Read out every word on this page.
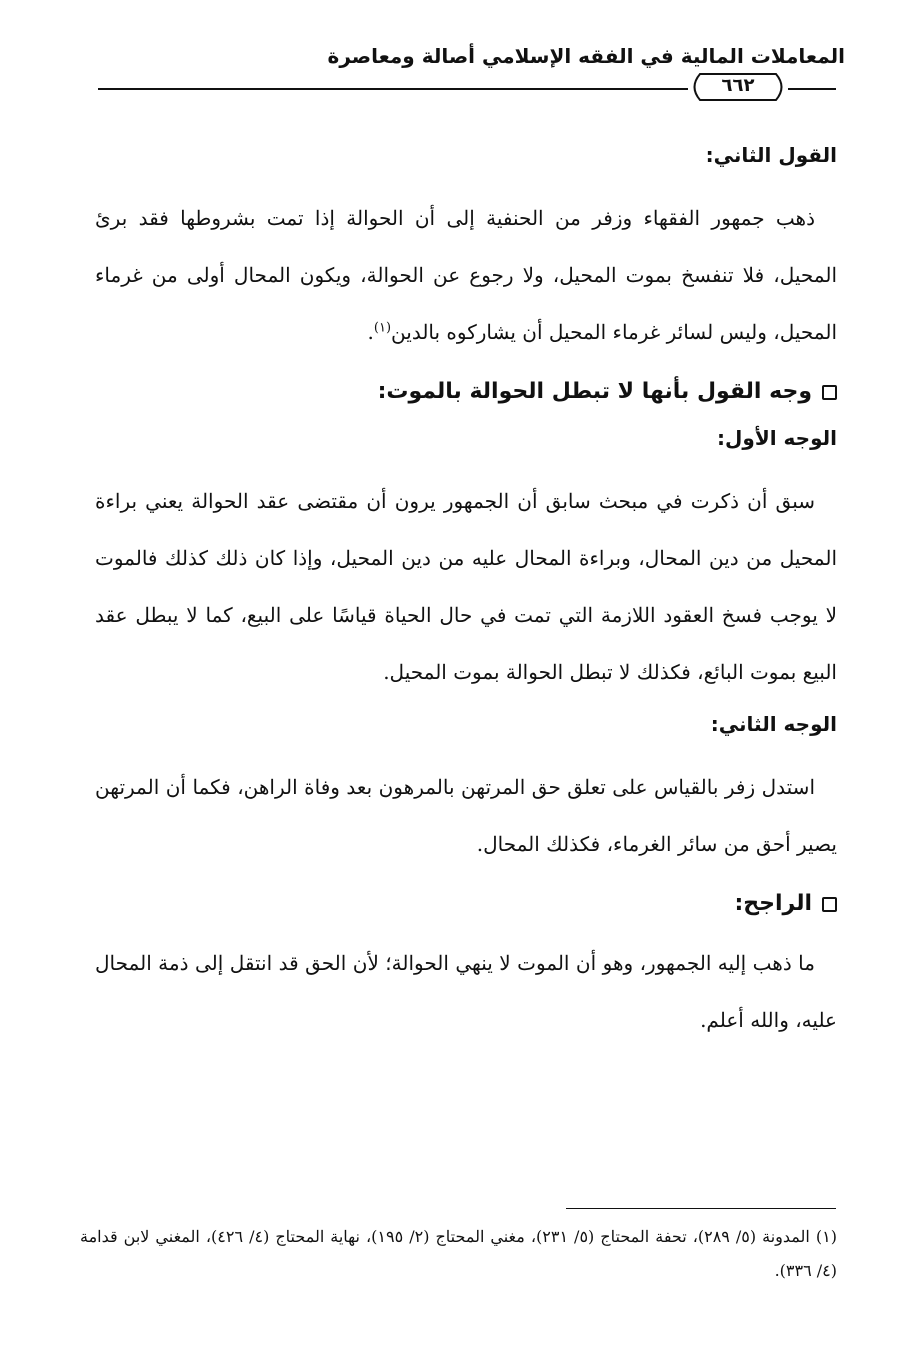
المعاملات المالية في الفقه الإسلامي أصالة ومعاصرة
٦٦٢
القول الثاني:

ذهب جمهور الفقهاء وزفر من الحنفية إلى أن الحوالة إذا تمت بشروطها فقد برئ المحيل، فلا تنفسخ بموت المحيل، ولا رجوع عن الحوالة، ويكون المحال أولى من غرماء المحيل، وليس لسائر غرماء المحيل أن يشاركوه بالدين$^{(١)}$.

وجه القول بأنها لا تبطل الحوالة بالموت:
الوجه الأول:

سبق أن ذكرت في مبحث سابق أن الجمهور يرون أن مقتضى عقد الحوالة يعني براءة المحيل من دين المحال، وبراءة المحال عليه من دين المحيل، وإذا كان ذلك كذلك فالموت لا يوجب فسخ العقود اللازمة التي تمت في حال الحياة قياسًا على البيع، كما لا يبطل عقد البيع بموت البائع، فكذلك لا تبطل الحوالة بموت المحيل.

الوجه الثاني:

استدل زفر بالقياس على تعلق حق المرتهن بالمرهون بعد وفاة الراهن، فكما أن المرتهن يصير أحق من سائر الغرماء، فكذلك المحال.

الراجح:

ما ذهب إليه الجمهور، وهو أن الموت لا ينهي الحوالة؛ لأن الحق قد انتقل إلى ذمة المحال عليه، والله أعلم.

(١) المدونة (٥/ ٢٨٩)، تحفة المحتاج (٥/ ٢٣١)، مغني المحتاج (٢/ ١٩٥)، نهاية المحتاج (٤/ ٤٢٦)، المغني لابن قدامة (٤/ ٣٣٦).
